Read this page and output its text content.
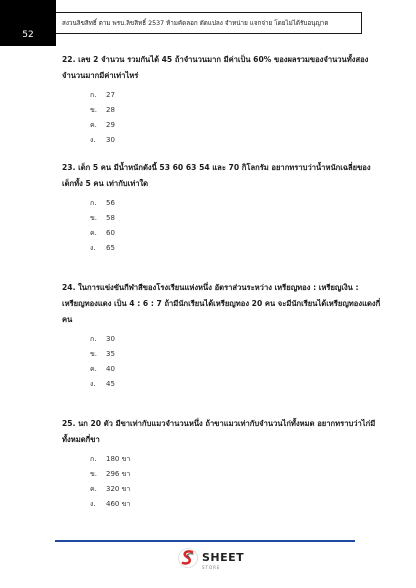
52
สงวนลิขสิทธิ์ ตาม พรบ.ลิขสิทธิ์ 2537 ห้ามคัดลอก ดัดแปลง จำหน่าย แจกจ่าย โดยไม่ได้รับอนุญาต

22. เลข 2 จำนวน รวมกันได้ 45 ถ้าจำนวนมาก มีค่าเป็น 60% ของผลรวมของจำนวนทั้งสอง จำนวนมากมีค่าเท่าไหร่

ก. 27
ข. 28
ค. 29
ง. 30

23. เด็ก 5 คน มีน้ำหนักดังนี้ 53 60 63 54 และ 70 กิโลกรัม อยากทราบว่าน้ำหนักเฉลี่ยของเด็กทั้ง 5 คน เท่ากับเท่าใด

ก. 56
ข. 58
ค. 60
ง. 65

24. ในการแข่งขันกีฬาสีของโรงเรียนแห่งหนึ่ง อัตราส่วนระหว่าง เหรียญทอง : เหรียญเงิน : เหรียญทองแดง เป็น 4 : 6 : 7 ถ้ามีนักเรียนได้เหรียญทอง 20 คน จะมีนักเรียนได้เหรียญทองแดงกี่คน

ก. 30
ข. 35
ค. 40
ง. 45

25. นก 20 ตัว มีขาเท่ากับแมวจำนวนหนึ่ง ถ้าขาแมวเท่ากับจำนวนไก่ทั้งหมด อยากทราบว่าไก่มีทั้งหมดกี่ขา

ก. 180 ขา
ข. 296 ขา
ค. 320 ขา
ง. 460 ขา
SHEET
STORE
